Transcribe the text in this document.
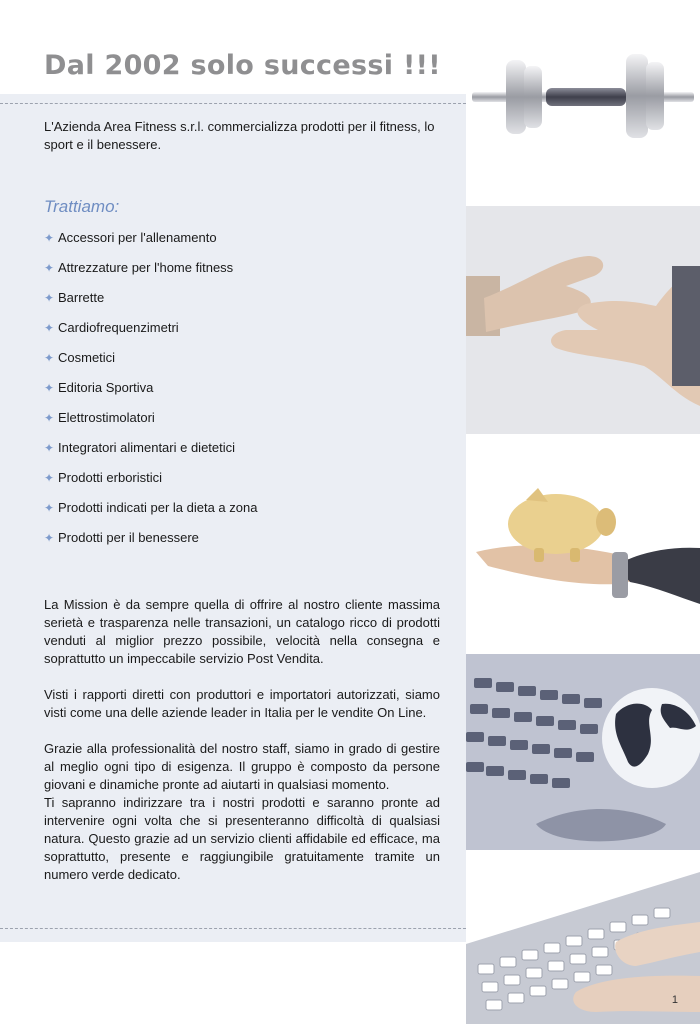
Dal 2002 solo successi !!!

L'Azienda Area Fitness s.r.l. commercializza prodotti per il fitness, lo sport e il benessere.

Trattiamo:
✦ Accessori per l'allenamento
✦ Attrezzature per l'home fitness
✦ Barrette
✦ Cardiofrequenzimetri
✦ Cosmetici
✦ Editoria Sportiva
✦ Elettrostimolatori
✦ Integratori alimentari e dietetici
✦ Prodotti erboristici
✦ Prodotti indicati per la dieta a zona
✦ Prodotti per il benessere

La Mission è da sempre quella di offrire al nostro cliente massima serietà e trasparenza nelle transazioni, un catalogo ricco di prodotti venduti al miglior prezzo possibile, velocità nella consegna e soprattutto un impeccabile servizio Post Vendita.

Visti i rapporti diretti con produttori e importatori autorizzati, siamo visti come una delle aziende leader in Italia per le vendite On Line.

Grazie alla professionalità del nostro staff, siamo in grado di gestire al meglio ogni tipo di esigenza. Il gruppo è composto da persone giovani e dinamiche pronte ad aiutarti in qualsiasi momento.

Ti sapranno indirizzare tra i nostri prodotti e saranno pronte ad intervenire ogni volta che si presenteranno difficoltà di qualsiasi natura. Questo grazie ad un servizio clienti affidabile ed efficace, ma soprattutto, presente e raggiungibile gratuitamente tramite un numero verde dedicato.

1
